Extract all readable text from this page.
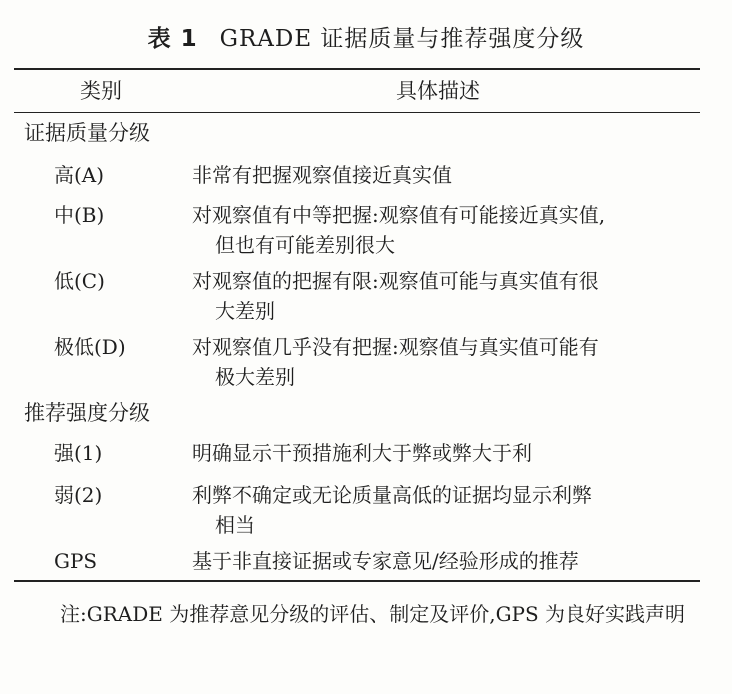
表 1 GRADE 证据质量与推荐强度分级
类别	具体描述
证据质量分级
高(A)	非常有把握观察值接近真实值
中(B)	对观察值有中等把握:观察值有可能接近真实值,
但也有可能差别很大
低(C)	对观察值的把握有限:观察值可能与真实值有很
大差别
极低(D)	对观察值几乎没有把握:观察值与真实值可能有
极大差别
推荐强度分级
强(1)	明确显示干预措施利大于弊或弊大于利
弱(2)	利弊不确定或无论质量高低的证据均显示利弊
相当
GPS	基于非直接证据或专家意见/经验形成的推荐
注:GRADE 为推荐意见分级的评估、制定及评价,GPS 为良好实践声明
